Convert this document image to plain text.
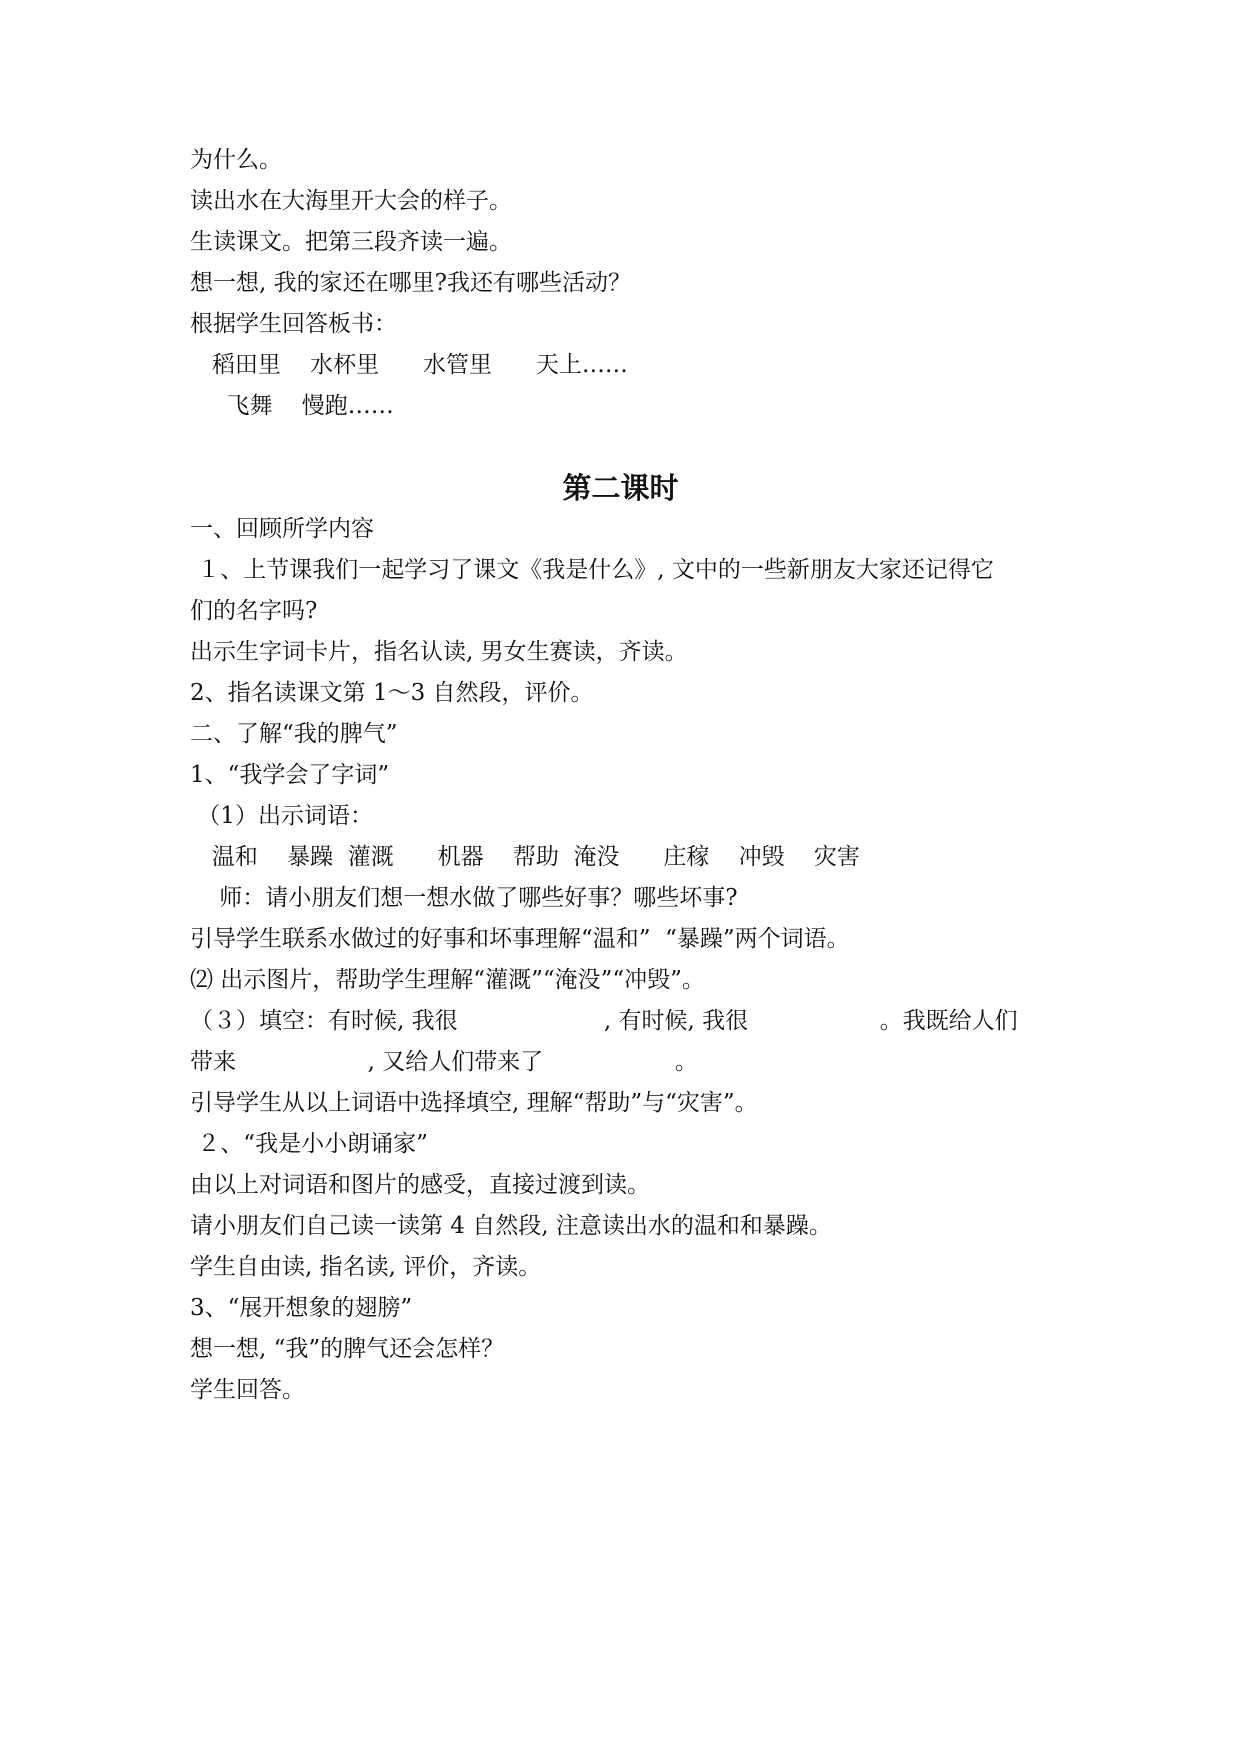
为什么。

读出水在大海里开大会的样子。

生读课文。把第三段齐读一遍。

想一想, 我的家还在哪里?我还有哪些活动？

根据学生回答板书：

稻田里    水杯里      水管里      天上……

飞舞    慢跑……

第二课时

一、回顾所学内容

１、上节课我们一起学习了课文《我是什么》, 文中的一些新朋友大家还记得它

们的名字吗?

出示生字词卡片，指名认读, 男女生赛读，齐读。

2、指名读课文第 1～3 自然段，评价。

二、了解“我的脾气”

1、“我学会了字词”

（1）出示词语：

温和    暴躁  灌溉      机器    帮助  淹没      庄稼    冲毁    灾害

师：请小朋友们想一想水做了哪些好事？哪些坏事?

引导学生联系水做过的好事和坏事理解“温和”  “暴躁”两个词语。

⑵ 出示图片，帮助学生理解“灌溉”“淹没”“冲毁”。

（３）填空：有时候, 我很                    , 有时候, 我很                  。我既给人们

带来                  , 又给人们带来了                  。

引导学生从以上词语中选择填空, 理解“帮助”与“灾害”。

２、“我是小小朗诵家”

由以上对词语和图片的感受，直接过渡到读。

请小朋友们自己读一读第 4 自然段, 注意读出水的温和和暴躁。

学生自由读, 指名读, 评价，齐读。

3、“展开想象的翅膀”

想一想, “我”的脾气还会怎样？

学生回答。
